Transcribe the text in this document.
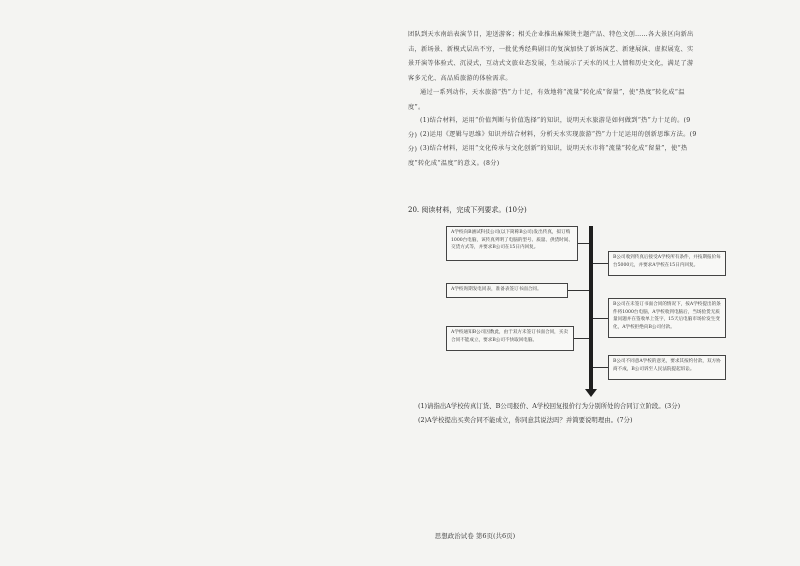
团队到天水南站表演节目，迎送游客；相关企业推出麻辣烫主题产品、特色文创……各大景区向新出击，新场景、新模式层出不穷，一批优秀经典剧目的复演加快了新场演艺、新建展演、虚拟展览、实景开演等体验式、沉浸式，互动式文旅业态发展，生动展示了天水的风土人情和历史文化，满足了游客多元化、高品质旅游的体验需求。

通过一系列动作，天水旅游“热”力十足，有效地将“流量”转化成“留量”，使“热度”转化成“温度”。

(1)结合材料，运用“价值判断与价值选择”的知识，说明天水旅游是如何做到“热”力十足的。(9分) (2)运用《逻辑与思维》知识并结合材料，分析天水实现旅游“热”力十足运用的创新思维方法。(9分) (3)结合材料，运用“文化传承与文化创新”的知识，说明天水市将“流量”转化成“留量”，使“热度”转化成“温度”的意义。(8分)

20. 阅读材料，完成下列要求。(10分)
A学校向B涵试科技公司(以下简称B公司)发出传真，拟订购1000台电脑，该传真列明了电脑的型号、质量、供货时间、交货方式等，并要求B公司在15日内回复。
A学校询期发电同表，准备表签订书面合同。
A学校通知B公司因数此，由于双方未签订书面合同，买卖合同不能成立，要求B公司不快取回电脑。
B公司收到传真后接受A学校所有条件，并按期报价每台5000元，并要求A学校在15日内回复。
B公司在未签订书面合同的情况下，按A学校提出的条件将1000台电脑，A学校收到电脑后，当场验货无质量问题并在签收单上签字，15天后电脑市场价发生变化，A学校拒绝向B公司付款。
B公司不同意A学校的意见，要求其按约付款，双方协商不成，B公司诉至人民法院提起诉讼。
(1)请指出A学校传真订货、B公司报价、A学校回复报价行为分别所处的合同订立阶段。(3分)
(2)A学校提出买卖合同不能成立，你同意其说法吗？并简要说明理由。(7分)
思想政治试卷 第6页(共6页)
